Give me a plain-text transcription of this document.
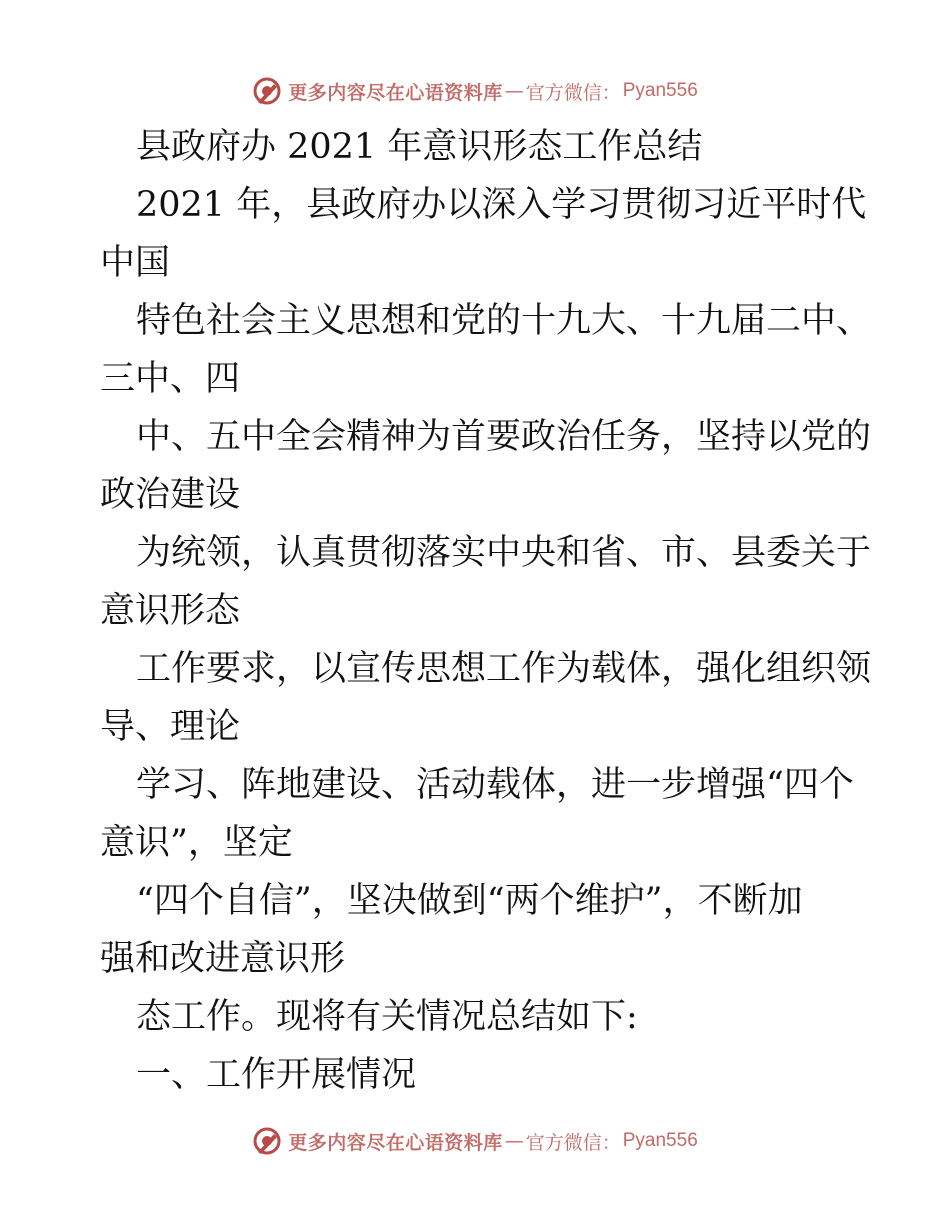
更多内容尽在心语资料库 — 官方微信： Pyan556
县政府办 2021 年意识形态工作总结
2021 年，县政府办以深入学习贯彻习近平时代
中国
特色社会主义思想和党的十九大、十九届二中、
三中、四
中、五中全会精神为首要政治任务，坚持以党的
政治建设
为统领，认真贯彻落实中央和省、市、县委关于
意识形态
工作要求，以宣传思想工作为载体，强化组织领
导、理论
学习、阵地建设、活动载体，进一步增强“四个
意识”，坚定
“四个自信”，坚决做到“两个维护”，不断加
强和改进意识形
态工作。现将有关情况总结如下:
一、工作开展情况
更多内容尽在心语资料库 — 官方微信： Pyan556
